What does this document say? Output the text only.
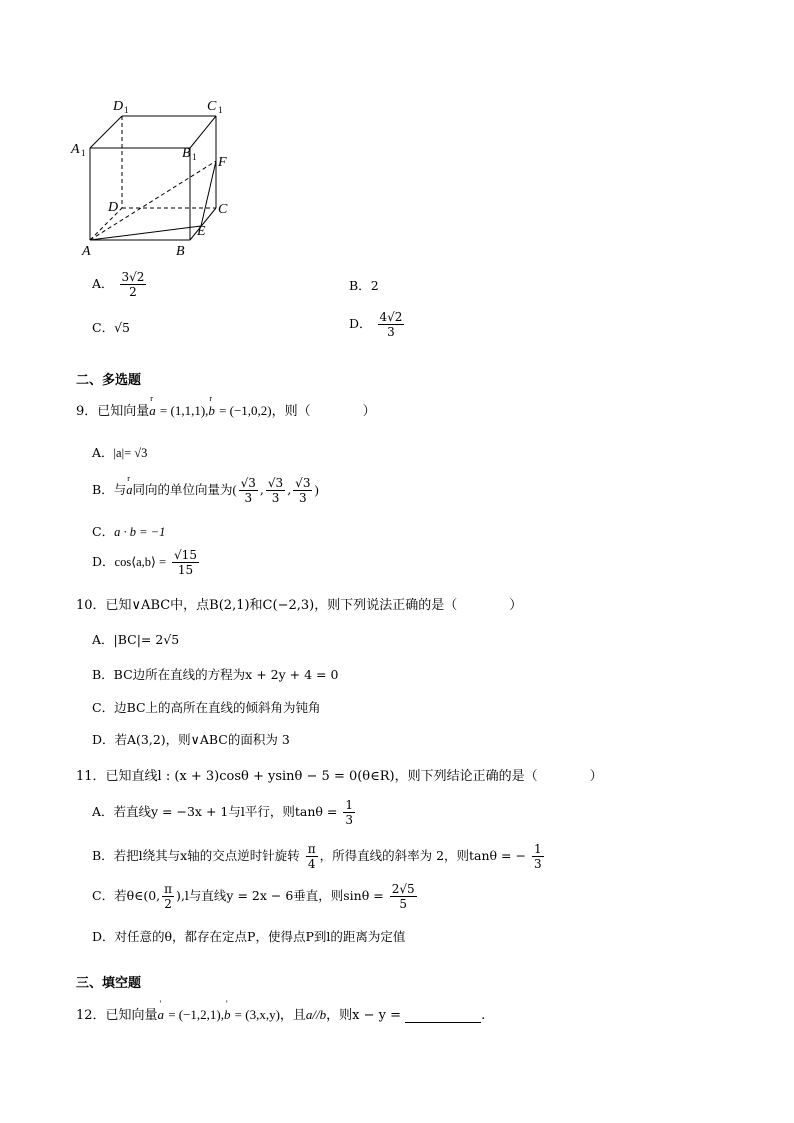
D 1	C 1
A 1	B 1 F
D	C
E
A	B
A． $\frac{3√2}{2}$	B．2
C．√5	D． $\frac{4√2}{3}$
二、多选题
9．已知向量r a = (1,1,1),r b = (−1,0,2)，则（　　　　）
A．|a|= √3
B．与r a同向的单位向量为( $\frac{√3}{3}$ , $\frac{√3}{3}$ , $\frac{√3}{3}$ )
C．a · b = −1
D．cos⟨a,b⟩ = $\frac{√15}{15}$
10．已知∨ABC中，点B(2,1)和C(−2,3)，则下列说法正确的是（　　　　）
A．|BC|= 2√5
B．BC边所在直线的方程为x + 2y + 4 = 0
C．边BC上的高所在直线的倾斜角为钝角
D．若A(3,2)，则∨ABC的面积为 3
11．已知直线l : (x + 3)cosθ + ysinθ − 5 = 0(θ∈R)，则下列结论正确的是（　　　　）
A．若直线y = −3x + 1与l平行，则$\tan\theta = \frac{1}{3}$
B．若把l绕其与x轴的交点逆时针旋转 $\frac{\pi}{4}$ ，所得直线的斜率为 2，则tanθ = − $\frac{1}{3}$
C．若θ∈(0, $\frac{\pi}{2} ),l$与直线y = 2x − 6垂直，则$\sin\theta = \frac{2√5}{5}$
D．对任意的θ，都存在定点P，使得点P到l的距离为定值
三、填空题
12．已知向量' a = (−1,2,1),' b = (3,x,y)，且a//b，则x − y =	.
